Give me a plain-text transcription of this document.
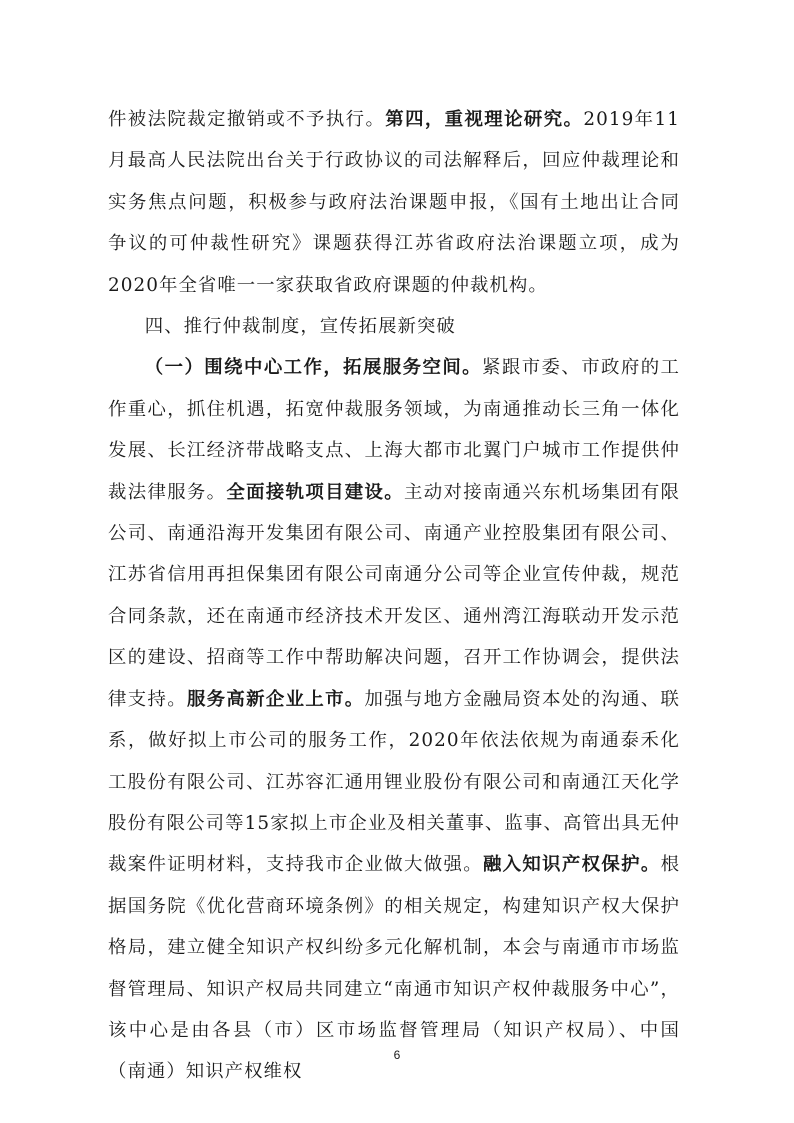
件被法院裁定撤销或不予执行。第四，重视理论研究。2019年11月最高人民法院出台关于行政协议的司法解释后，回应仲裁理论和实务焦点问题，积极参与政府法治课题申报，《国有土地出让合同争议的可仲裁性研究》课题获得江苏省政府法治课题立项，成为2020年全省唯一一家获取省政府课题的仲裁机构。

四、推行仲裁制度，宣传拓展新突破

（一）围绕中心工作，拓展服务空间。紧跟市委、市政府的工作重心，抓住机遇，拓宽仲裁服务领域，为南通推动长三角一体化发展、长江经济带战略支点、上海大都市北翼门户城市工作提供仲裁法律服务。全面接轨项目建设。主动对接南通兴东机场集团有限公司、南通沿海开发集团有限公司、南通产业控股集团有限公司、江苏省信用再担保集团有限公司南通分公司等企业宣传仲裁，规范合同条款，还在南通市经济技术开发区、通州湾江海联动开发示范区的建设、招商等工作中帮助解决问题，召开工作协调会，提供法律支持。服务高新企业上市。加强与地方金融局资本处的沟通、联系，做好拟上市公司的服务工作，2020年依法依规为南通泰禾化工股份有限公司、江苏容汇通用锂业股份有限公司和南通江天化学股份有限公司等15家拟上市企业及相关董事、监事、高管出具无仲裁案件证明材料，支持我市企业做大做强。融入知识产权保护。根据国务院《优化营商环境条例》的相关规定，构建知识产权大保护格局，建立健全知识产权纠纷多元化解机制，本会与南通市市场监督管理局、知识产权局共同建立“南通市知识产权仲裁服务中心”，该中心是由各县（市）区市场监督管理局（知识产权局）、中国（南通）知识产权维权

6
